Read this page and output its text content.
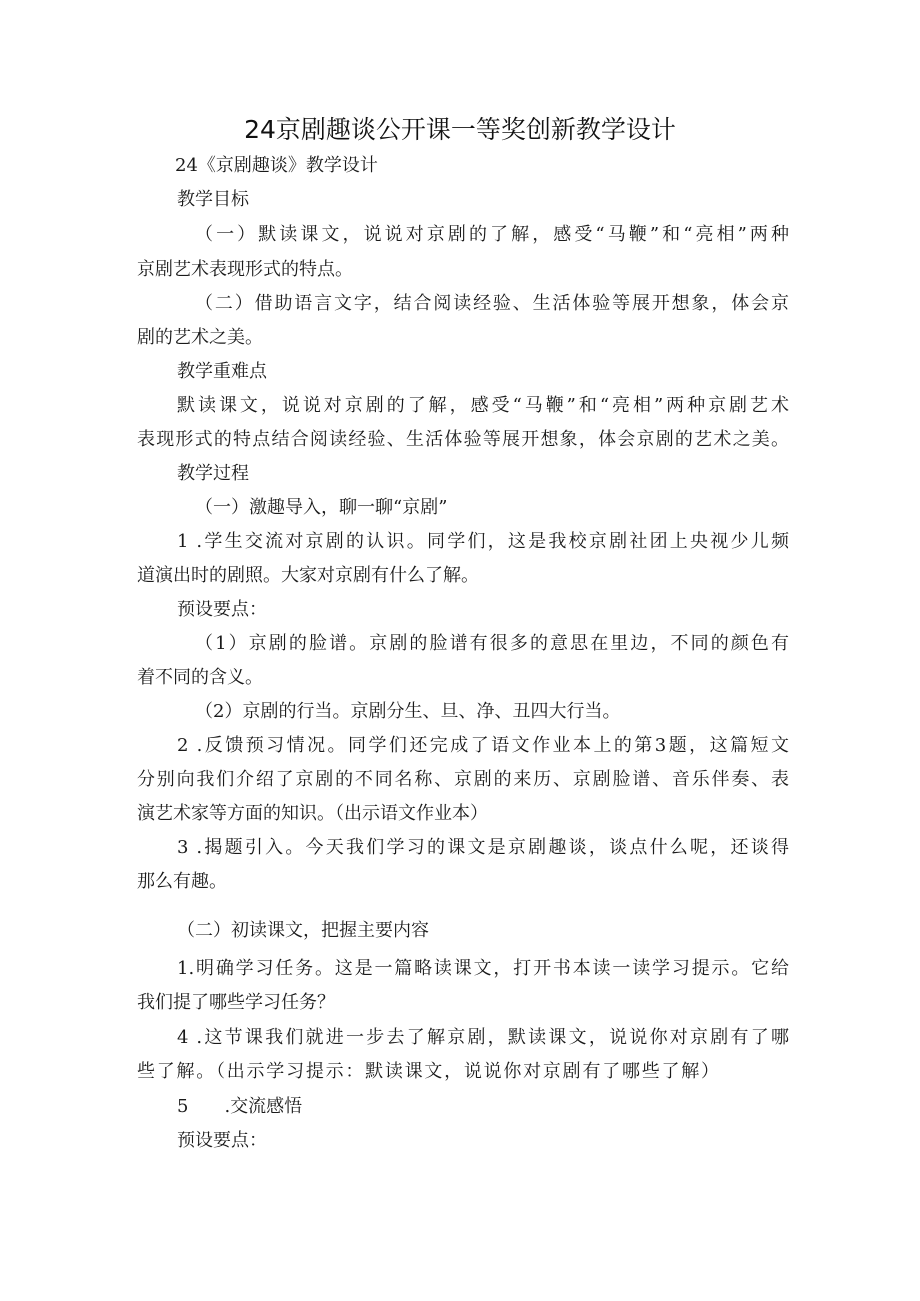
24京剧趣谈公开课一等奖创新教学设计
24《京剧趣谈》教学设计
教学目标
（一）默读课文，说说对京剧的了解，感受“马鞭”和“亮相”两种
京剧艺术表现形式的特点。
（二）借助语言文字，结合阅读经验、生活体验等展开想象，体会京
剧的艺术之美。
教学重难点
默读课文，说说对京剧的了解，感受“马鞭”和“亮相”两种京剧艺术
表现形式的特点结合阅读经验、生活体验等展开想象，体会京剧的艺术之美。
教学过程
（一）激趣导入，聊一聊“京剧”
1 .学生交流对京剧的认识。同学们，这是我校京剧社团上央视少儿频
道演出时的剧照。大家对京剧有什么了解。
预设要点：
（1）京剧的脸谱。京剧的脸谱有很多的意思在里边，不同的颜色有
着不同的含义。
（2）京剧的行当。京剧分生、旦、净、丑四大行当。
2 .反馈预习情况。同学们还完成了语文作业本上的第3题，这篇短文
分别向我们介绍了京剧的不同名称、京剧的来历、京剧脸谱、音乐伴奏、表
演艺术家等方面的知识。（出示语文作业本）
3 .揭题引入。今天我们学习的课文是京剧趣谈，谈点什么呢，还谈得
那么有趣。
（二）初读课文，把握主要内容
1.明确学习任务。这是一篇略读课文，打开书本读一读学习提示。它给
我们提了哪些学习任务？
4 .这节课我们就进一步去了解京剧，默读课文，说说你对京剧有了哪
些了解。（出示学习提示：默读课文，说说你对京剧有了哪些了解）
5　　.交流感悟
预设要点：
